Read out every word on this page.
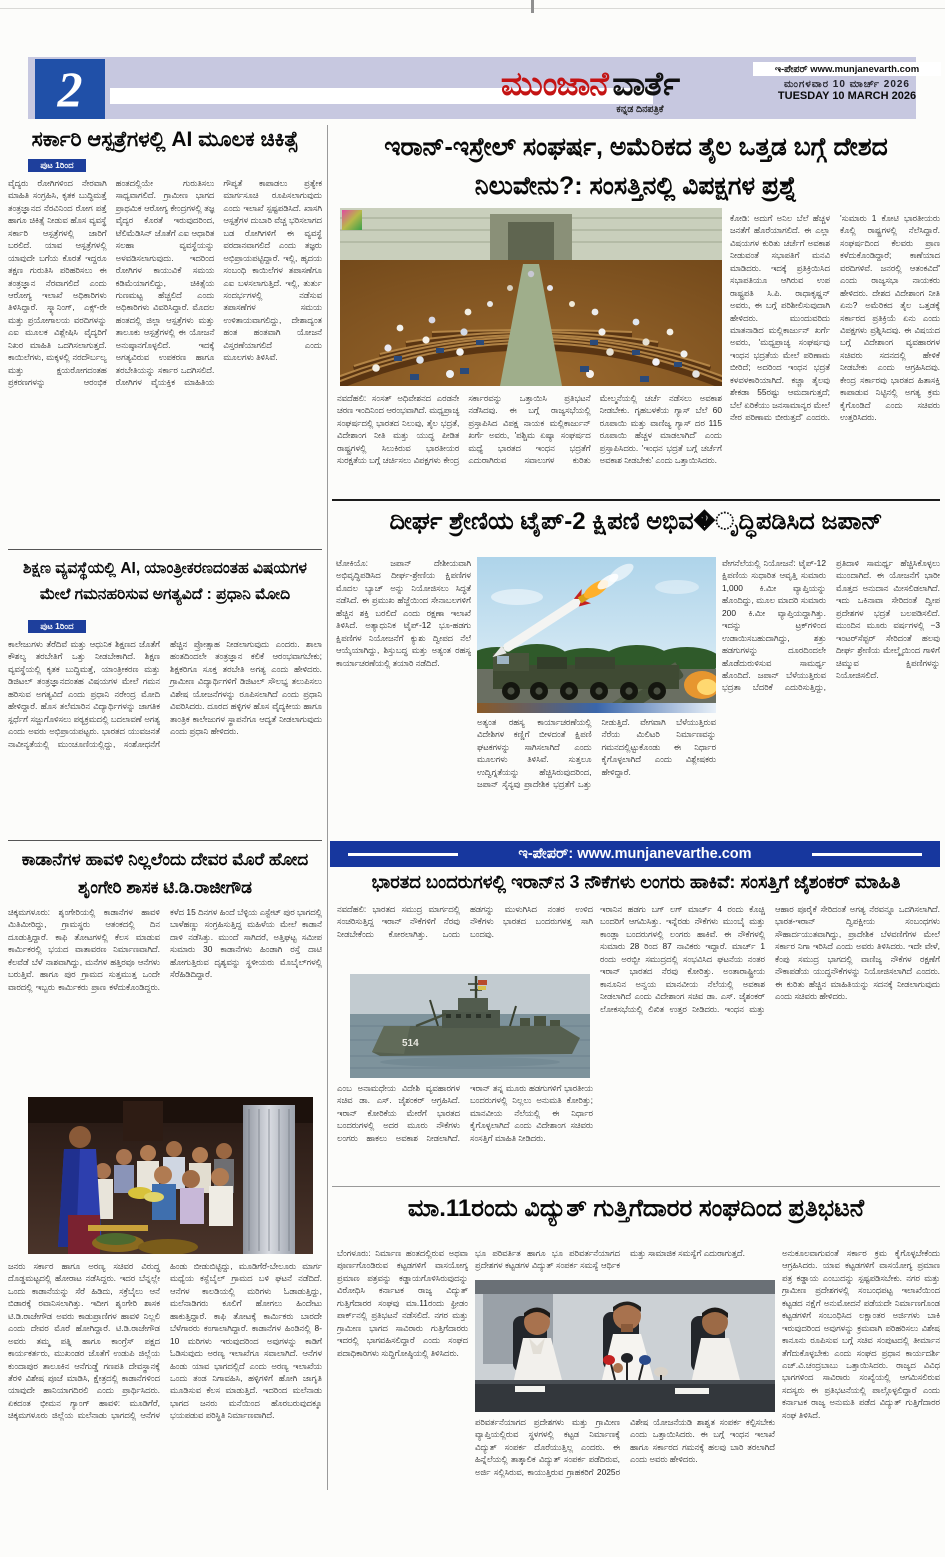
2	ಮುಂಜಾನೆ ವಾರ್ತೆ
ಕನ್ನಡ ದಿನಪತ್ರಿಕೆ
ಇ-ಪೇಪರ್ www.munjanevarth.com
ಮಂಗಳವಾರ 10 ಮಾರ್ಚ್ 2026
TUESDAY 10 MARCH 2026
ಸರ್ಕಾರಿ ಆಸ್ಪತ್ರೆಗಳಲ್ಲಿ AI ಮೂಲಕ ಚಿಕಿತ್ಸೆ
ಪುಟ 1ರಿಂದ
ವೈದ್ಯರು ರೋಗಿಗಳಿಂದ ನೇರವಾಗಿ ಮಾಹಿತಿ ಸಂಗ್ರಹಿಸಿ, ಕೃತಕ ಬುದ್ಧಿಮತ್ತೆ ತಂತ್ರಜ್ಞಾನದ ನೆರವಿನಿಂದ ರೋಗ ಪತ್ತೆ ಹಾಗೂ ಚಿಕಿತ್ಸೆ ನೀಡುವ ಹೊಸ ವ್ಯವಸ್ಥೆ ಸರ್ಕಾರಿ ಆಸ್ಪತ್ರೆಗಳಲ್ಲಿ ಜಾರಿಗೆ ಬರಲಿದೆ. ಯಾವ ಆಸ್ಪತ್ರೆಗಳಲ್ಲಿ ಯಾವುದೇ ಬಗೆಯ ಕೊರತೆ ಇದ್ದರೂ ತಕ್ಷಣ ಗುರುತಿಸಿ ಪರಿಹರಿಸಲು ಈ ತಂತ್ರಜ್ಞಾನ ನೆರವಾಗಲಿದೆ ಎಂದು ಆರೋಗ್ಯ ಇಲಾಖೆ ಅಧಿಕಾರಿಗಳು ತಿಳಿಸಿದ್ದಾರೆ. ಸ್ಕ್ಯಾನಿಂಗ್, ಎಕ್ಸ್-ರೇ ಮತ್ತು ಪ್ರಯೋಗಾಲಯ ವರದಿಗಳನ್ನು ಎಐ ಮೂಲಕ ವಿಶ್ಲೇಷಿಸಿ ವೈದ್ಯರಿಗೆ ನಿಖರ ಮಾಹಿತಿ ಒದಗಿಸಲಾಗುತ್ತದೆ. ಕಾಯಿಲೆಗಳು, ಮಕ್ಕಳಲ್ಲಿ ನರದೌರ್ಬಲ್ಯ ಮತ್ತು ಕ್ಷಯರೋಗದಂತಹ ಪ್ರಕರಣಗಳನ್ನು ಆರಂಭಿಕ ಹಂತದಲ್ಲಿಯೇ ಗುರುತಿಸಲು ಸಾಧ್ಯವಾಗಲಿದೆ. ಗ್ರಾಮೀಣ ಭಾಗದ ಪ್ರಾಥಮಿಕ ಆರೋಗ್ಯ ಕೇಂದ್ರಗಳಲ್ಲಿ ತಜ್ಞ ವೈದ್ಯರ ಕೊರತೆ ಇರುವುದರಿಂದ, ಟೆಲಿಮೆಡಿಸಿನ್ ಜೊತೆಗೆ ಎಐ ಆಧಾರಿತ ಸಲಹಾ ವ್ಯವಸ್ಥೆಯನ್ನು ಅಳವಡಿಸಲಾಗುವುದು. ಇದರಿಂದ ರೋಗಿಗಳ ಕಾಯುವಿಕೆ ಸಮಯ ಕಡಿಮೆಯಾಗಲಿದ್ದು, ಚಿಕಿತ್ಸೆಯ ಗುಣಮಟ್ಟ ಹೆಚ್ಚಲಿದೆ ಎಂದು ಅಧಿಕಾರಿಗಳು ವಿವರಿಸಿದ್ದಾರೆ. ಮೊದಲ ಹಂತದಲ್ಲಿ ಜಿಲ್ಲಾ ಆಸ್ಪತ್ರೆಗಳು ಮತ್ತು ತಾಲೂಕು ಆಸ್ಪತ್ರೆಗಳಲ್ಲಿ ಈ ಯೋಜನೆ ಅನುಷ್ಠಾನಗೊಳ್ಳಲಿದೆ. ಇದಕ್ಕೆ ಅಗತ್ಯವಿರುವ ಉಪಕರಣ ಹಾಗೂ ತರಬೇತಿಯನ್ನು ಸರ್ಕಾರ ಒದಗಿಸಲಿದೆ. ರೋಗಿಗಳ ವೈಯಕ್ತಿಕ ಮಾಹಿತಿಯ ಗೌಪ್ಯತೆ ಕಾಪಾಡಲು ಪ್ರತ್ಯೇಕ ಮಾರ್ಗಸೂಚಿ ರೂಪಿಸಲಾಗುವುದು ಎಂದು ಇಲಾಖೆ ಸ್ಪಷ್ಟಪಡಿಸಿದೆ. ಖಾಸಗಿ ಆಸ್ಪತ್ರೆಗಳ ದುಬಾರಿ ವೆಚ್ಚ ಭರಿಸಲಾಗದ ಬಡ ರೋಗಿಗಳಿಗೆ ಈ ವ್ಯವಸ್ಥೆ ವರದಾನವಾಗಲಿದೆ ಎಂದು ತಜ್ಞರು ಅಭಿಪ್ರಾಯಪಟ್ಟಿದ್ದಾರೆ. ಇಲ್ಲಿ, ಹೃದಯ ಸಂಬಂಧಿ ಕಾಯಿಲೆಗಳ ತಪಾಸಣೆಗೂ ಎಐ ಬಳಸಲಾಗುತ್ತಿದೆ. ಇಲ್ಲಿ, ತುರ್ತು ಸಂದರ್ಭಗಳಲ್ಲಿ ನಡೆಸುವ ತಪಾಸಣೆಗಳ ಸಮಯ ಉಳಿತಾಯವಾಗಲಿದ್ದು, ದೇಶಾದ್ಯಂತ ಹಂತ ಹಂತವಾಗಿ ಯೋಜನೆ ವಿಸ್ತರಣೆಯಾಗಲಿದೆ ಎಂದು ಮೂಲಗಳು ತಿಳಿಸಿವೆ.
ಶಿಕ್ಷಣ ವ್ಯವಸ್ಥೆಯಲ್ಲಿ AI, ಯಾಂತ್ರೀಕರಣದಂತಹ ವಿಷಯಗಳ ಮೇಲೆ ಗಮನಹರಿಸುವ ಅಗತ್ಯವಿದೆ : ಪ್ರಧಾನಿ ಮೋದಿ
ಪುಟ 1ರಿಂದ
ಕಾಲೇಜುಗಳು ತೆರೆದಿವೆ ಮತ್ತು ಆಧುನಿಕ ಶಿಕ್ಷಣದ ಜೊತೆಗೆ ಕೌಶಲ್ಯ ತರಬೇತಿಗೆ ಒತ್ತು ನೀಡಬೇಕಾಗಿದೆ. ಶಿಕ್ಷಣ ವ್ಯವಸ್ಥೆಯಲ್ಲಿ ಕೃತಕ ಬುದ್ಧಿಮತ್ತೆ, ಯಾಂತ್ರೀಕರಣ ಮತ್ತು ಡಿಜಿಟಲ್ ತಂತ್ರಜ್ಞಾನದಂತಹ ವಿಷಯಗಳ ಮೇಲೆ ಗಮನ ಹರಿಸುವ ಅಗತ್ಯವಿದೆ ಎಂದು ಪ್ರಧಾನಿ ನರೇಂದ್ರ ಮೋದಿ ಹೇಳಿದ್ದಾರೆ. ಹೊಸ ತಲೆಮಾರಿನ ವಿದ್ಯಾರ್ಥಿಗಳನ್ನು ಜಾಗತಿಕ ಸ್ಪರ್ಧೆಗೆ ಸಜ್ಜುಗೊಳಿಸಲು ಪಠ್ಯಕ್ರಮದಲ್ಲಿ ಬದಲಾವಣೆ ಅಗತ್ಯ ಎಂದು ಅವರು ಅಭಿಪ್ರಾಯಪಟ್ಟರು. ಭಾರತದ ಯುವಜನತೆ ನಾವೀನ್ಯತೆಯಲ್ಲಿ ಮುಂಚೂಣಿಯಲ್ಲಿದ್ದು, ಸಂಶೋಧನೆಗೆ ಹೆಚ್ಚಿನ ಪ್ರೋತ್ಸಾಹ ನೀಡಲಾಗುವುದು ಎಂದರು. ಶಾಲಾ ಹಂತದಿಂದಲೇ ತಂತ್ರಜ್ಞಾನ ಕಲಿಕೆ ಆರಂಭವಾಗಬೇಕು; ಶಿಕ್ಷಕರಿಗೂ ಸೂಕ್ತ ತರಬೇತಿ ಅಗತ್ಯ ಎಂದು ಹೇಳಿದರು. ಗ್ರಾಮೀಣ ವಿದ್ಯಾರ್ಥಿಗಳಿಗೆ ಡಿಜಿಟಲ್ ಸೌಲಭ್ಯ ತಲುಪಿಸಲು ವಿಶೇಷ ಯೋಜನೆಗಳನ್ನು ರೂಪಿಸಲಾಗಿದೆ ಎಂದು ಪ್ರಧಾನಿ ವಿವರಿಸಿದರು. ದೂರದ ಹಳ್ಳಿಗಳ ಹೊಸ ವೈದ್ಯಕೀಯ ಹಾಗೂ ತಾಂತ್ರಿಕ ಕಾಲೇಜುಗಳ ಸ್ಥಾಪನೆಗೂ ಆದ್ಯತೆ ನೀಡಲಾಗುವುದು ಎಂದು ಪ್ರಧಾನಿ ಹೇಳಿದರು.
ಕಾಡಾನೆಗಳ ಹಾವಳಿ ನಿಲ್ಲಲೆಂದು ದೇವರ ಮೊರೆ ಹೋದ ಶೃಂಗೇರಿ ಶಾಸಕ ಟಿ.ಡಿ.ರಾಜೀಗೌಡ
ಚಿಕ್ಕಮಗಳೂರು: ಶೃಂಗೇರಿಯಲ್ಲಿ ಕಾಡಾನೆಗಳ ಹಾವಳಿ ಮಿತಿಮೀರಿದ್ದು, ಗ್ರಾಮಸ್ಥರು ಆತಂಕದಲ್ಲಿ ದಿನ ದೂಡುತ್ತಿದ್ದಾರೆ. ಕಾಫಿ ತೋಟಗಳಲ್ಲಿ ಕೆಲಸ ಮಾಡುವ ಕಾರ್ಮಿಕರಲ್ಲಿ ಭಯದ ವಾತಾವರಣ ನಿರ್ಮಾಣವಾಗಿದೆ. ಕೆಲವೆಡೆ ಬೆಳೆ ನಾಶವಾಗಿದ್ದು, ಮನೆಗಳ ಹತ್ತಿರವೂ ಆನೆಗಳು ಬರುತ್ತಿವೆ. ಹಾಗೂ ಪುರ ಗ್ರಾಮದ ಸುತ್ತಮುತ್ತ ಒಂದೇ ವಾರದಲ್ಲಿ ಇಬ್ಬರು ಕಾರ್ಮಿಕರು ಪ್ರಾಣ ಕಳೆದುಕೊಂಡಿದ್ದರು. ಕಳೆದ 15 ದಿನಗಳ ಹಿಂದೆ ಬೆಳ್ಳಿಯ ಎಸ್ಟೇಟ್ ಪುರ ಭಾಗದಲ್ಲಿ ಬಾಳೆಹಣ್ಣು ಸಂಗ್ರಹಿಸುತ್ತಿದ್ದ ಮಹಿಳೆಯ ಮೇಲೆ ಕಾಡಾನೆ ದಾಳಿ ನಡೆಸಿತ್ತು. ಮುಂದೆ ಸಾಗಿದರೆ, ಅತ್ತಿಘಟ್ಟ ಸಮೀಪ ಸುಮಾರು 30 ಕಾಡಾನೆಗಳು ಹಿಂಡಾಗಿ ರಸ್ತೆ ದಾಟಿ ಹೋಗುತ್ತಿರುವ ದೃಶ್ಯವನ್ನು ಸ್ಥಳೀಯರು ಮೊಬೈಲ್‌ಗಳಲ್ಲಿ ಸೆರೆಹಿಡಿದಿದ್ದಾರೆ.
ಜನರು ಸರ್ಕಾರ ಹಾಗೂ ಅರಣ್ಯ ಸಚಿವರ ವಿರುದ್ಧ ದೊಡ್ಡಮಟ್ಟದಲ್ಲಿ ಹೋರಾಟ ನಡೆಸಿದ್ದರು. ಇದರ ಬೆನ್ನಲ್ಲೇ ಒಂದು ಕಾಡಾನೆಯನ್ನು ಸೆರೆ ಹಿಡಿದು, ಸಕ್ರೆಬೈಲು ಆನೆ ಬಿಡಾರಕ್ಕೆ ರವಾನಿಸಲಾಗಿತ್ತು. ಇದೀಗ ಶೃಂಗೇರಿ ಶಾಸಕ ಟಿ.ಡಿ.ರಾಜೇಗೌಡ ಅವರು ಕಾಡುಪ್ರಾಣಿಗಳ ಹಾವಳಿ ನಿಲ್ಲಲಿ ಎಂದು ದೇವರ ಮೊರೆ ಹೋಗಿದ್ದಾರೆ. ಟಿ.ಡಿ.ರಾಜೇಗೌಡ ಅವರು ತಮ್ಮ ಪತ್ನಿ ಹಾಗೂ ಕಾಂಗ್ರೆಸ್ ಪಕ್ಷದ ಕಾರ್ಯಕರ್ತರು, ಮುಖಂಡರ ಜೊತೆಗೆ ಉಡುಪಿ ಜಿಲ್ಲೆಯ ಕುಂದಾಪುರ ತಾಲೂಕಿನ ಆನೆಗುಡ್ಡೆ ಗಣಪತಿ ದೇವಸ್ಥಾನಕ್ಕೆ ತೆರಳಿ ವಿಶೇಷ ಪೂಜೆ ಮಾಡಿಸಿ, ಕ್ಷೇತ್ರದಲ್ಲಿ ಕಾಡಾನೆಗಳಿಂದ ಯಾವುದೇ ಹಾನಿಯಾಗದಿರಲಿ ಎಂದು ಪ್ರಾರ್ಥಿಸಿದರು. ಏಕದಂತ ಭೀಮನ ಗ್ಯಾಂಗ್ ಹಾವಳಿ: ಮೂಡಿಗೆರೆ, ಚಿಕ್ಕಮಗಳೂರು ಜಿಲ್ಲೆಯ ಮಲೆನಾಡು ಭಾಗದಲ್ಲಿ ಆನೆಗಳ ಹಿಂಡು ಬೀಡುಬಿಟ್ಟಿದ್ದು, ಮೂಡಿಗೆರೆ-ಬೇಲೂರು ಮಾರ್ಗ ಮಧ್ಯೆಯ ಕಸ್ಬೆಬೈಲ್ ಗ್ರಾಮದ ಬಳಿ ಘಟನೆ ನಡೆದಿದೆ. ಆನೆಗಳ ಕಾಲಡಿಯಲ್ಲಿ ಮರಿಗಳು ಓಡಾಡುತ್ತಿದ್ದು, ಮಲೆನಾಡಿಗರು ಕೂಲಿಗೆ ಹೋಗಲು ಹಿಂದೇಟು ಹಾಕುತ್ತಿದ್ದಾರೆ. ಕಾಫಿ ತೋಟಕ್ಕೆ ಕಾರ್ಮಿಕರು ಬಾರದೇ ಬೆಳೆಗಾರರು ಕಂಗಾಲಾಗಿದ್ದಾರೆ. ಕಾಡಾನೆಗಳ ಹಿಂಡಿನಲ್ಲಿ 8-10 ಮರಿಗಳು ಇರುವುದರಿಂದ ಅವುಗಳನ್ನು ಕಾಡಿಗೆ ಓಡಿಸುವುದು ಅರಣ್ಯ ಇಲಾಖೆಗೂ ಸವಾಲಾಗಿದೆ. ಆನೆಗಳ ಹಿಂಡು ಯಾವ ಭಾಗದಲ್ಲಿದೆ ಎಂದು ಅರಣ್ಯ ಇಲಾಖೆಯ ಒಂದು ತಂಡ ನಿಗಾವಹಿಸಿ, ಹಳ್ಳಿಗಳಿಗೆ ಹೋಗಿ ಜಾಗೃತಿ ಮೂಡಿಸುವ ಕೆಲಸ ಮಾಡುತ್ತಿದೆ. ಇದರಿಂದ ಮಲೆನಾಡು ಭಾಗದ ಜನರು ಮನೆಯಿಂದ ಹೊರಬರುವುದಕ್ಕೂ ಭಯಪಡುವ ಪರಿಸ್ಥಿತಿ ನಿರ್ಮಾಣವಾಗಿದೆ.
ಇರಾನ್-ಇಸ್ರೇಲ್ ಸಂಘರ್ಷ, ಅಮೆರಿಕದ ತೈಲ ಒತ್ತಡ ಬಗ್ಗೆ ದೇಶದ ನಿಲುವೇನು?: ಸಂಸತ್ತಿನಲ್ಲಿ ವಿಪಕ್ಷಗಳ ಪ್ರಶ್ನೆ
ಕೋಡಿ: ಅದುಗೆ ಅನಿಲ ಬೆಲೆ ಹೆಚ್ಚಳ ಜನತೆಗೆ ಹೊರೆಯಾಗಲಿದೆ. ಈ ಎಲ್ಲಾ ವಿಷಯಗಳ ಕುರಿತು ಚರ್ಚೆಗೆ ಅವಕಾಶ ನೀಡುವಂತೆ ಸಭಾಪತಿಗೆ ಮನವಿ ಮಾಡಿದರು. ಇದಕ್ಕೆ ಪ್ರತಿಕ್ರಿಯಿಸಿದ ಸಭಾಪತಿಯೂ ಆಗಿರುವ ಉಪ ರಾಷ್ಟ್ರಪತಿ ಸಿ.ಪಿ. ರಾಧಾಕೃಷ್ಣನ್ ಅವರು, ಈ ಬಗ್ಗೆ ಪರಿಶೀಲಿಸುವುದಾಗಿ ಹೇಳಿದರು. ಮುಂದುವರಿದು ಮಾತನಾಡಿದ ಮಲ್ಲಿಕಾರ್ಜುನ್ ಖರ್ಗೆ ಅವರು, 'ಮಧ್ಯಪ್ರಾಚ್ಯ ಸಂಘರ್ಷವು ಇಂಧನ ಭದ್ರತೆಯ ಮೇಲೆ ಪರಿಣಾಮ ಬೀರಿದೆ; ಅದರಿಂದ ಇಂಧನ ಭದ್ರತೆ ಕಳವಳಕಾರಿಯಾಗಿದೆ. ಕಚ್ಚಾ ತೈಲವು ಶೇಕಡಾ 55ರಷ್ಟು ಆಮದಾಗುತ್ತದೆ; ಬೆಲೆ ಏರಿಕೆಯು ಜನಸಾಮಾನ್ಯರ ಮೇಲೆ ನೇರ ಪರಿಣಾಮ ಬೀರುತ್ತದೆ' ಎಂದರು. 'ಸುಮಾರು 1 ಕೋಟಿ ಭಾರತೀಯರು ಕೊಲ್ಲಿ ರಾಷ್ಟ್ರಗಳಲ್ಲಿ ನೆಲೆಸಿದ್ದಾರೆ. ಸಂಘರ್ಷದಿಂದ ಕೆಲವರು ಪ್ರಾಣ ಕಳೆದುಕೊಂಡಿದ್ದಾರೆ; ಕಾಣೆಯಾದ ವರದಿಗಳಿವೆ. ಜನರಲ್ಲಿ ಆತಂಕವಿದೆ' ಎಂದು ರಾಜ್ಯಸಭಾ ನಾಯಕರು ಹೇಳಿದರು. ದೇಶದ ವಿದೇಶಾಂಗ ನೀತಿ ಏನು? ಅಮೆರಿಕದ ತೈಲ ಒತ್ತಡಕ್ಕೆ ಸರ್ಕಾರದ ಪ್ರತಿಕ್ರಿಯೆ ಏನು ಎಂದು ವಿಪಕ್ಷಗಳು ಪ್ರಶ್ನಿಸಿದವು. ಈ ವಿಷಯದ ಬಗ್ಗೆ ವಿದೇಶಾಂಗ ವ್ಯವಹಾರಗಳ ಸಚಿವರು ಸದನದಲ್ಲಿ ಹೇಳಿಕೆ ನೀಡಬೇಕು ಎಂದು ಆಗ್ರಹಿಸಿದವು. ಕೇಂದ್ರ ಸರ್ಕಾರವು ಭಾರತದ ಹಿತಾಸಕ್ತಿ ಕಾಪಾಡುವ ನಿಟ್ಟಿನಲ್ಲಿ ಅಗತ್ಯ ಕ್ರಮ ಕೈಗೊಂಡಿದೆ ಎಂದು ಸಚಿವರು ಉತ್ತರಿಸಿದರು.
ನವದೆಹಲಿ: ಸಂಸತ್ ಅಧಿವೇಶನದ ಎರಡನೇ ಚರಣ ಇಂದಿನಿಂದ ಆರಂಭವಾಗಿದೆ. ಮಧ್ಯಪ್ರಾಚ್ಯ ಸಂಘರ್ಷದಲ್ಲಿ ಭಾರತದ ನಿಲುವು, ತೈಲ ಭದ್ರತೆ, ವಿದೇಶಾಂಗ ನೀತಿ ಮತ್ತು ಯುದ್ಧ ಪೀಡಿತ ರಾಷ್ಟ್ರಗಳಲ್ಲಿ ಸಿಲುಕಿರುವ ಭಾರತೀಯರ ಸುರಕ್ಷತೆಯ ಬಗ್ಗೆ ಚರ್ಚಿಸಲು ವಿಪಕ್ಷಗಳು ಕೇಂದ್ರ ಸರ್ಕಾರವನ್ನು ಒತ್ತಾಯಿಸಿ ಪ್ರತಿಭಟನೆ ನಡೆಸಿದವು. ಈ ಬಗ್ಗೆ ರಾಜ್ಯಸಭೆಯಲ್ಲಿ ಪ್ರಸ್ತಾಪಿಸಿದ ವಿಪಕ್ಷ ನಾಯಕ ಮಲ್ಲಿಕಾರ್ಜುನ್ ಖರ್ಗೆ ಅವರು, 'ಪಶ್ಚಿಮ ಏಷ್ಯಾ ಸಂಘರ್ಷದ ಮಧ್ಯೆ ಭಾರತದ ಇಂಧನ ಭದ್ರತೆಗೆ ಎದುರಾಗಿರುವ ಸವಾಲುಗಳ ಕುರಿತು ಮೇಲ್ಮನೆಯಲ್ಲಿ ಚರ್ಚೆ ನಡೆಸಲು ಅವಕಾಶ ನೀಡಬೇಕು. ಗೃಹಬಳಕೆಯ ಗ್ಯಾಸ್ ಬೆಲೆ 60 ರೂಪಾಯಿ ಮತ್ತು ವಾಣಿಜ್ಯ ಗ್ಯಾಸ್ ದರ 115 ರೂಪಾಯಿ ಹೆಚ್ಚಳ ಮಾಡಲಾಗಿದೆ' ಎಂದು ಪ್ರಸ್ತಾಪಿಸಿದರು. 'ಇಂಧನ ಭದ್ರತೆ ಬಗ್ಗೆ ಚರ್ಚೆಗೆ ಅವಕಾಶ ನೀಡಬೇಕು' ಎಂದು ಒತ್ತಾಯಿಸಿದರು.
ದೀರ್ಘ ಶ್ರೇಣಿಯ ಟೈಪ್-2 ಕ್ಷಿಪಣಿ ಅಭಿವ�ೃದ್ಧಿಪಡಿಸಿದ ಜಪಾನ್
ಟೋಕಿಯೊ: ಜಪಾನ್ ದೇಶೀಯವಾಗಿ ಅಭಿವೃದ್ಧಿಪಡಿಸಿದ ದೀರ್ಘ-ಶ್ರೇಣಿಯ ಕ್ಷಿಪಣಿಗಳ ಮೊದಲ ಬ್ಯಾಚ್ ಅನ್ನು ನಿಯೋಜಿಸಲು ಸಿದ್ಧತೆ ನಡೆಸಿದೆ. ಈ ಪ್ರಮುಖ ಹೆಜ್ಜೆಯಿಂದ ಸೇನಾಬಲಗಳಿಗೆ ಹೆಚ್ಚಿನ ಶಕ್ತಿ ಬರಲಿದೆ ಎಂದು ರಕ್ಷಣಾ ಇಲಾಖೆ ತಿಳಿಸಿದೆ. ಅತ್ಯಾಧುನಿಕ ಟೈಪ್-12 ಭೂ-ಹಡಗು ಕ್ಷಿಪಣಿಗಳ ನಿಯೋಜನೆಗೆ ಕ್ಯುಶು ದ್ವೀಪದ ನೆಲೆ ಆಯ್ಕೆಯಾಗಿದ್ದು, ಶಿಸ್ತುಬದ್ಧ ಮತ್ತು ಅತ್ಯಂತ ರಹಸ್ಯ ಕಾರ್ಯಾಚರಣೆಯಲ್ಲಿ ತಯಾರಿ ನಡೆದಿದೆ.
ಅತ್ಯಂತ ರಹಸ್ಯ ಕಾರ್ಯಾಚರಣೆಯಲ್ಲಿ ವಿದೇಶಿಗಳ ಕಣ್ಣಿಗೆ ಬೀಳದಂತೆ ಕ್ಷಿಪಣಿ ಘಟಕಗಳನ್ನು ಸಾಗಿಸಲಾಗಿದೆ ಎಂದು ಮೂಲಗಳು ತಿಳಿಸಿವೆ. ಸುತ್ತಲೂ ಉದ್ವಿಗ್ನತೆಯನ್ನು ಹೆಚ್ಚಿಸಿರುವುದರಿಂದ, ಜಪಾನ್ ಸೈನ್ಯವು ಪ್ರಾದೇಶಿಕ ಭದ್ರತೆಗೆ ಒತ್ತು ನೀಡುತ್ತಿದೆ. ವೇಗವಾಗಿ ಬೆಳೆಯುತ್ತಿರುವ ನೆರೆಯ ಮಿಲಿಟರಿ ನಿರ್ಮಾಣವನ್ನು ಗಮನದಲ್ಲಿಟ್ಟುಕೊಂಡು ಈ ನಿರ್ಧಾರ ಕೈಗೊಳ್ಳಲಾಗಿದೆ ಎಂದು ವಿಶ್ಲೇಷಕರು ಹೇಳಿದ್ದಾರೆ.
ವೇಗನೆಲೆಯಲ್ಲಿ ನಿಯೋಜನೆ: ಟೈಪ್-12 ಕ್ಷಿಪಣಿಯ ಸುಧಾರಿತ ಆವೃತ್ತಿ ಸುಮಾರು 1,000 ಕಿ.ಮೀ ವ್ಯಾಪ್ತಿಯನ್ನು ಹೊಂದಿದ್ದು, ಮೂಲ ಮಾದರಿ ಸುಮಾರು 200 ಕಿ.ಮೀ ವ್ಯಾಪ್ತಿಯದ್ದಾಗಿತ್ತು. ಇದನ್ನು ಟ್ರಕ್‌ಗಳಿಂದ ಉಡಾಯಿಸಬಹುದಾಗಿದ್ದು, ಶತ್ರು ಹಡಗುಗಳನ್ನು ದೂರದಿಂದಲೇ ಹೊಡೆದುರುಳಿಸುವ ಸಾಮರ್ಥ್ಯ ಹೊಂದಿದೆ. ಜಪಾನ್ ಬೆಳೆಯುತ್ತಿರುವ ಭದ್ರತಾ ಬೆದರಿಕೆ ಎದುರಿಸುತ್ತಿದ್ದು, ಪ್ರತಿದಾಳಿ ಸಾಮರ್ಥ್ಯ ಹೆಚ್ಚಿಸಿಕೊಳ್ಳಲು ಮುಂದಾಗಿದೆ. ಈ ಯೋಜನೆಗೆ ಭಾರೀ ಮೊತ್ತದ ಅನುದಾನ ಮೀಸಲಿಡಲಾಗಿದೆ. ಇದು ಒಕಿನಾವಾ ಸೇರಿದಂತೆ ದ್ವೀಪ ಪ್ರದೇಶಗಳ ಭದ್ರತೆ ಬಲಪಡಿಸಲಿದೆ. ಮುಂದಿನ ಮೂರು ವರ್ಷಗಳಲ್ಲಿ −3 ಇಂಟರ್‌ಸೆಪ್ಟರ್ ಸೇರಿದಂತೆ ಹಲವು ದೀರ್ಘ ಶ್ರೇಣಿಯ ಮೇಲ್ಮೈಯಿಂದ ಗಾಳಿಗೆ ಚಿಮ್ಮುವ ಕ್ಷಿಪಣಿಗಳನ್ನು ನಿಯೋಜಿಸಲಿದೆ.
ಇ-ಪೇಪರ್: www.munjanevarthe.com
ಭಾರತದ ಬಂದರುಗಳಲ್ಲಿ ಇರಾನ್‌ನ 3 ನೌಕೆಗಳು ಲಂಗರು ಹಾಕಿವೆ: ಸಂಸತ್ತಿಗೆ ಜೈಶಂಕರ್ ಮಾಹಿತಿ
ನವದೆಹಲಿ: ಭಾರತದ ಸಮುದ್ರ ಮಾರ್ಗದಲ್ಲಿ ಸಂಚರಿಸುತ್ತಿದ್ದ ಇರಾನ್ ನೌಕೆಗಳಿಗೆ ನೆರವು ನೀಡಬೇಕೆಂದು ಕೋರಲಾಗಿತ್ತು. ಒಂದು ಹಡಗನ್ನು ಮುಳುಗಿಸಿದ ನಂತರ ಉಳಿದ ನೌಕೆಗಳು ಭಾರತದ ಬಂದರುಗಳತ್ತ ಸಾಗಿ ಬಂದವು.
514
ಎಂಬ ಅನಾಮಧೇಯ ವಿದೇಶಿ ವ್ಯವಹಾರಗಳ ಸಚಿವ ಡಾ. ಎಸ್. ಜೈಶಂಕರ್ ಆಗ್ರಹಿಸಿದೆ. ಇರಾನ್ ಕೋರಿಕೆಯ ಮೇರೆಗೆ ಭಾರತದ ಬಂದರುಗಳಲ್ಲಿ ಅದರ ಮೂರು ನೌಕೆಗಳು ಲಂಗರು ಹಾಕಲು ಅವಕಾಶ ನೀಡಲಾಗಿದೆ. ಇರಾನ್ ತನ್ನ ಮೂರು ಹಡಗುಗಳಿಗೆ ಭಾರತೀಯ ಬಂದರುಗಳಲ್ಲಿ ನಿಲ್ಲಲು ಅನುಮತಿ ಕೋರಿತ್ತು; ಮಾನವೀಯ ನೆಲೆಯಲ್ಲಿ ಈ ನಿರ್ಧಾರ ಕೈಗೊಳ್ಳಲಾಗಿದೆ ಎಂದು ವಿದೇಶಾಂಗ ಸಚಿವರು ಸಂಸತ್ತಿಗೆ ಮಾಹಿತಿ ನೀಡಿದರು.
ಇರಾನಿನ ಹಡಗು ಬಗ್ ಲಗ್ ಮಾರ್ಚ್ 4 ರಂದು ಕೊಚ್ಚಿ ಬಂದರಿಗೆ ಆಗಮಿಸಿತ್ತು. ಇನ್ನೆರಡು ನೌಕೆಗಳು ಮುಂಬೈ ಮತ್ತು ಕಾಂಡ್ಲಾ ಬಂದರುಗಳಲ್ಲಿ ಲಂಗರು ಹಾಕಿವೆ. ಈ ನೌಕೆಗಳಲ್ಲಿ ಸುಮಾರು 28 ರಿಂದ 87 ನಾವಿಕರು ಇದ್ದಾರೆ. ಮಾರ್ಚ್ 1 ರಂದು ಅರಬ್ಬೀ ಸಮುದ್ರದಲ್ಲಿ ಸಂಭವಿಸಿದ ಘಟನೆಯ ನಂತರ ಇರಾನ್ ಭಾರತದ ನೆರವು ಕೋರಿತ್ತು. ಅಂತಾರಾಷ್ಟ್ರೀಯ ಕಾನೂನಿನ ಅನ್ವಯ ಮಾನವೀಯ ನೆಲೆಯಲ್ಲಿ ಅವಕಾಶ ನೀಡಲಾಗಿದೆ ಎಂದು ವಿದೇಶಾಂಗ ಸಚಿವ ಡಾ. ಎಸ್. ಜೈಶಂಕರ್ ಲೋಕಸಭೆಯಲ್ಲಿ ಲಿಖಿತ ಉತ್ತರ ನೀಡಿದರು. ಇಂಧನ ಮತ್ತು ಆಹಾರ ಪೂರೈಕೆ ಸೇರಿದಂತೆ ಅಗತ್ಯ ನೆರವನ್ನೂ ಒದಗಿಸಲಾಗಿದೆ. ಭಾರತ-ಇರಾನ್ ದ್ವಿಪಕ್ಷೀಯ ಸಂಬಂಧಗಳು ಸೌಹಾರ್ದಯುತವಾಗಿದ್ದು, ಪ್ರಾದೇಶಿಕ ಬೆಳವಣಿಗೆಗಳ ಮೇಲೆ ಸರ್ಕಾರ ನಿಗಾ ಇರಿಸಿದೆ ಎಂದು ಅವರು ತಿಳಿಸಿದರು. ಇದೇ ವೇಳೆ, ಕೆಂಪು ಸಮುದ್ರ ಭಾಗದಲ್ಲಿ ವಾಣಿಜ್ಯ ನೌಕೆಗಳ ರಕ್ಷಣೆಗೆ ನೌಕಾಪಡೆಯ ಯುದ್ಧನೌಕೆಗಳನ್ನು ನಿಯೋಜಿಸಲಾಗಿದೆ ಎಂದರು. ಈ ಕುರಿತು ಹೆಚ್ಚಿನ ಮಾಹಿತಿಯನ್ನು ಸದನಕ್ಕೆ ನೀಡಲಾಗುವುದು ಎಂದು ಸಚಿವರು ಹೇಳಿದರು.
ಮಾ.11ರಂದು ವಿದ್ಯುತ್ ಗುತ್ತಿಗೆದಾರರ ಸಂಘದಿಂದ ಪ್ರತಿಭಟನೆ
ಬೆಂಗಳೂರು: ನಿರ್ಮಾಣ ಹಂತದಲ್ಲಿರುವ ಅಥವಾ ಪೂರ್ಣಗೊಂಡಿರುವ ಕಟ್ಟಡಗಳಿಗೆ ವಾಸಯೋಗ್ಯ ಪ್ರಮಾಣ ಪತ್ರವನ್ನು ಕಡ್ಡಾಯಗೊಳಿಸಿರುವುದನ್ನು ವಿರೋಧಿಸಿ ಕರ್ನಾಟಕ ರಾಜ್ಯ ವಿದ್ಯುತ್ ಗುತ್ತಿಗೆದಾರರ ಸಂಘವು ಮಾ.11ರಂದು ಫ್ರೀಡಂ ಪಾರ್ಕ್‌ನಲ್ಲಿ ಪ್ರತಿಭಟನೆ ನಡೆಸಲಿದೆ. ನಗರ ಮತ್ತು ಗ್ರಾಮೀಣ ಭಾಗದ ಸಾವಿರಾರು ಗುತ್ತಿಗೆದಾರರು ಇದರಲ್ಲಿ ಭಾಗವಹಿಸಲಿದ್ದಾರೆ ಎಂದು ಸಂಘದ ಪದಾಧಿಕಾರಿಗಳು ಸುದ್ದಿಗೋಷ್ಠಿಯಲ್ಲಿ ತಿಳಿಸಿದರು.
ಭೂ ಪರಿವರ್ತಿತ ಹಾಗೂ ಭೂ ಪರಿವರ್ತನೆಯಾಗದ ಪ್ರದೇಶಗಳ ಕಟ್ಟಡಗಳ ವಿದ್ಯುತ್ ಸಂಪರ್ಕ ಸಮಸ್ಯೆ ಆರ್ಥಿಕ ಮತ್ತು ಸಾಮಾಜಿಕ ಸಮಸ್ಯೆಗೆ ಎದುರಾಗುತ್ತದೆ.
ಪರಿವರ್ತನೆಯಾಗದ ಪ್ರದೇಶಗಳು ಮತ್ತು ಗ್ರಾಮೀಣ ವ್ಯಾಪ್ತಿಯಲ್ಲಿರುವ ಸ್ಥಳಗಳಲ್ಲಿ ಕಟ್ಟಡ ನಿರ್ಮಾಣಕ್ಕೆ ವಿದ್ಯುತ್ ಸಂಪರ್ಕ ದೊರೆಯುತ್ತಿಲ್ಲ ಎಂದರು. ಈ ಹಿನ್ನೆಲೆಯಲ್ಲಿ ತಾತ್ಕಾಲಿಕ ವಿದ್ಯುತ್ ಸಂಪರ್ಕ ಪಡೆದಿರುವ, ಅರ್ಜಿ ಸಲ್ಲಿಸಿರುವ, ಕಾಯುತ್ತಿರುವ ಗ್ರಾಹಕರಿಗೆ 2025ರ ವಿಶೇಷ ಯೋಜನೆಯಡಿ ಶಾಶ್ವತ ಸಂಪರ್ಕ ಕಲ್ಪಿಸಬೇಕು ಎಂದು ಒತ್ತಾಯಿಸಿದರು. ಈ ಬಗ್ಗೆ ಇಂಧನ ಇಲಾಖೆ ಹಾಗೂ ಸರ್ಕಾರದ ಗಮನಕ್ಕೆ ಹಲವು ಬಾರಿ ತರಲಾಗಿದೆ ಎಂದು ಅವರು ಹೇಳಿದರು.
ಅನುಕೂಲವಾಗುವಂತೆ ಸರ್ಕಾರ ಕ್ರಮ ಕೈಗೊಳ್ಳಬೇಕೆಂದು ಆಗ್ರಹಿಸಿದರು. ಯಾವ ಕಟ್ಟಡಗಳಿಗೆ ವಾಸಯೋಗ್ಯ ಪ್ರಮಾಣ ಪತ್ರ ಕಡ್ಡಾಯ ಎಂಬುದನ್ನು ಸ್ಪಷ್ಟಪಡಿಸಬೇಕು. ನಗರ ಮತ್ತು ಗ್ರಾಮೀಣ ಪ್ರದೇಶಗಳಲ್ಲಿ ಸಂಬಂಧಪಟ್ಟ ಇಲಾಖೆಯಿಂದ ಕಟ್ಟಡದ ನಕ್ಷೆಗೆ ಅನುಮೋದನೆ ಪಡೆಯದೇ ನಿರ್ಮಾಣಗೊಂಡ ಕಟ್ಟಡಗಳಿಗೆ ಸಂಬಂಧಿಸಿದ ಲಕ್ಷಾಂತರ ಅರ್ಜಿಗಳು ಬಾಕಿ ಇರುವುದರಿಂದ ಅವುಗಳನ್ನು ಕ್ರಮವಾಗಿ ಪರಿಹರಿಸಲು ವಿಶೇಷ ಕಾನೂನು ರೂಪಿಸುವ ಬಗ್ಗೆ ಸಚಿವ ಸಂಪುಟದಲ್ಲಿ ತೀರ್ಮಾನ ತೆಗೆದುಕೊಳ್ಳಬೇಕು ಎಂದು ಸಂಘದ ಪ್ರಧಾನ ಕಾರ್ಯದರ್ಶಿ ಎಚ್.ವಿ.ಚಂದ್ರಬಾಬು ಒತ್ತಾಯಿಸಿದರು. ರಾಜ್ಯದ ವಿವಿಧ ಭಾಗಗಳಿಂದ ಸಾವಿರಾರು ಸಂಖ್ಯೆಯಲ್ಲಿ ಆಗಮಿಸಲಿರುವ ಸದಸ್ಯರು ಈ ಪ್ರತಿಭಟನೆಯಲ್ಲಿ ಪಾಲ್ಗೊಳ್ಳಲಿದ್ದಾರೆ ಎಂದು ಕರ್ನಾಟಕ ರಾಜ್ಯ ಅನುಮತಿ ಪಡೆದ ವಿದ್ಯುತ್ ಗುತ್ತಿಗೆದಾರರ ಸಂಘ ತಿಳಿಸಿದೆ.
